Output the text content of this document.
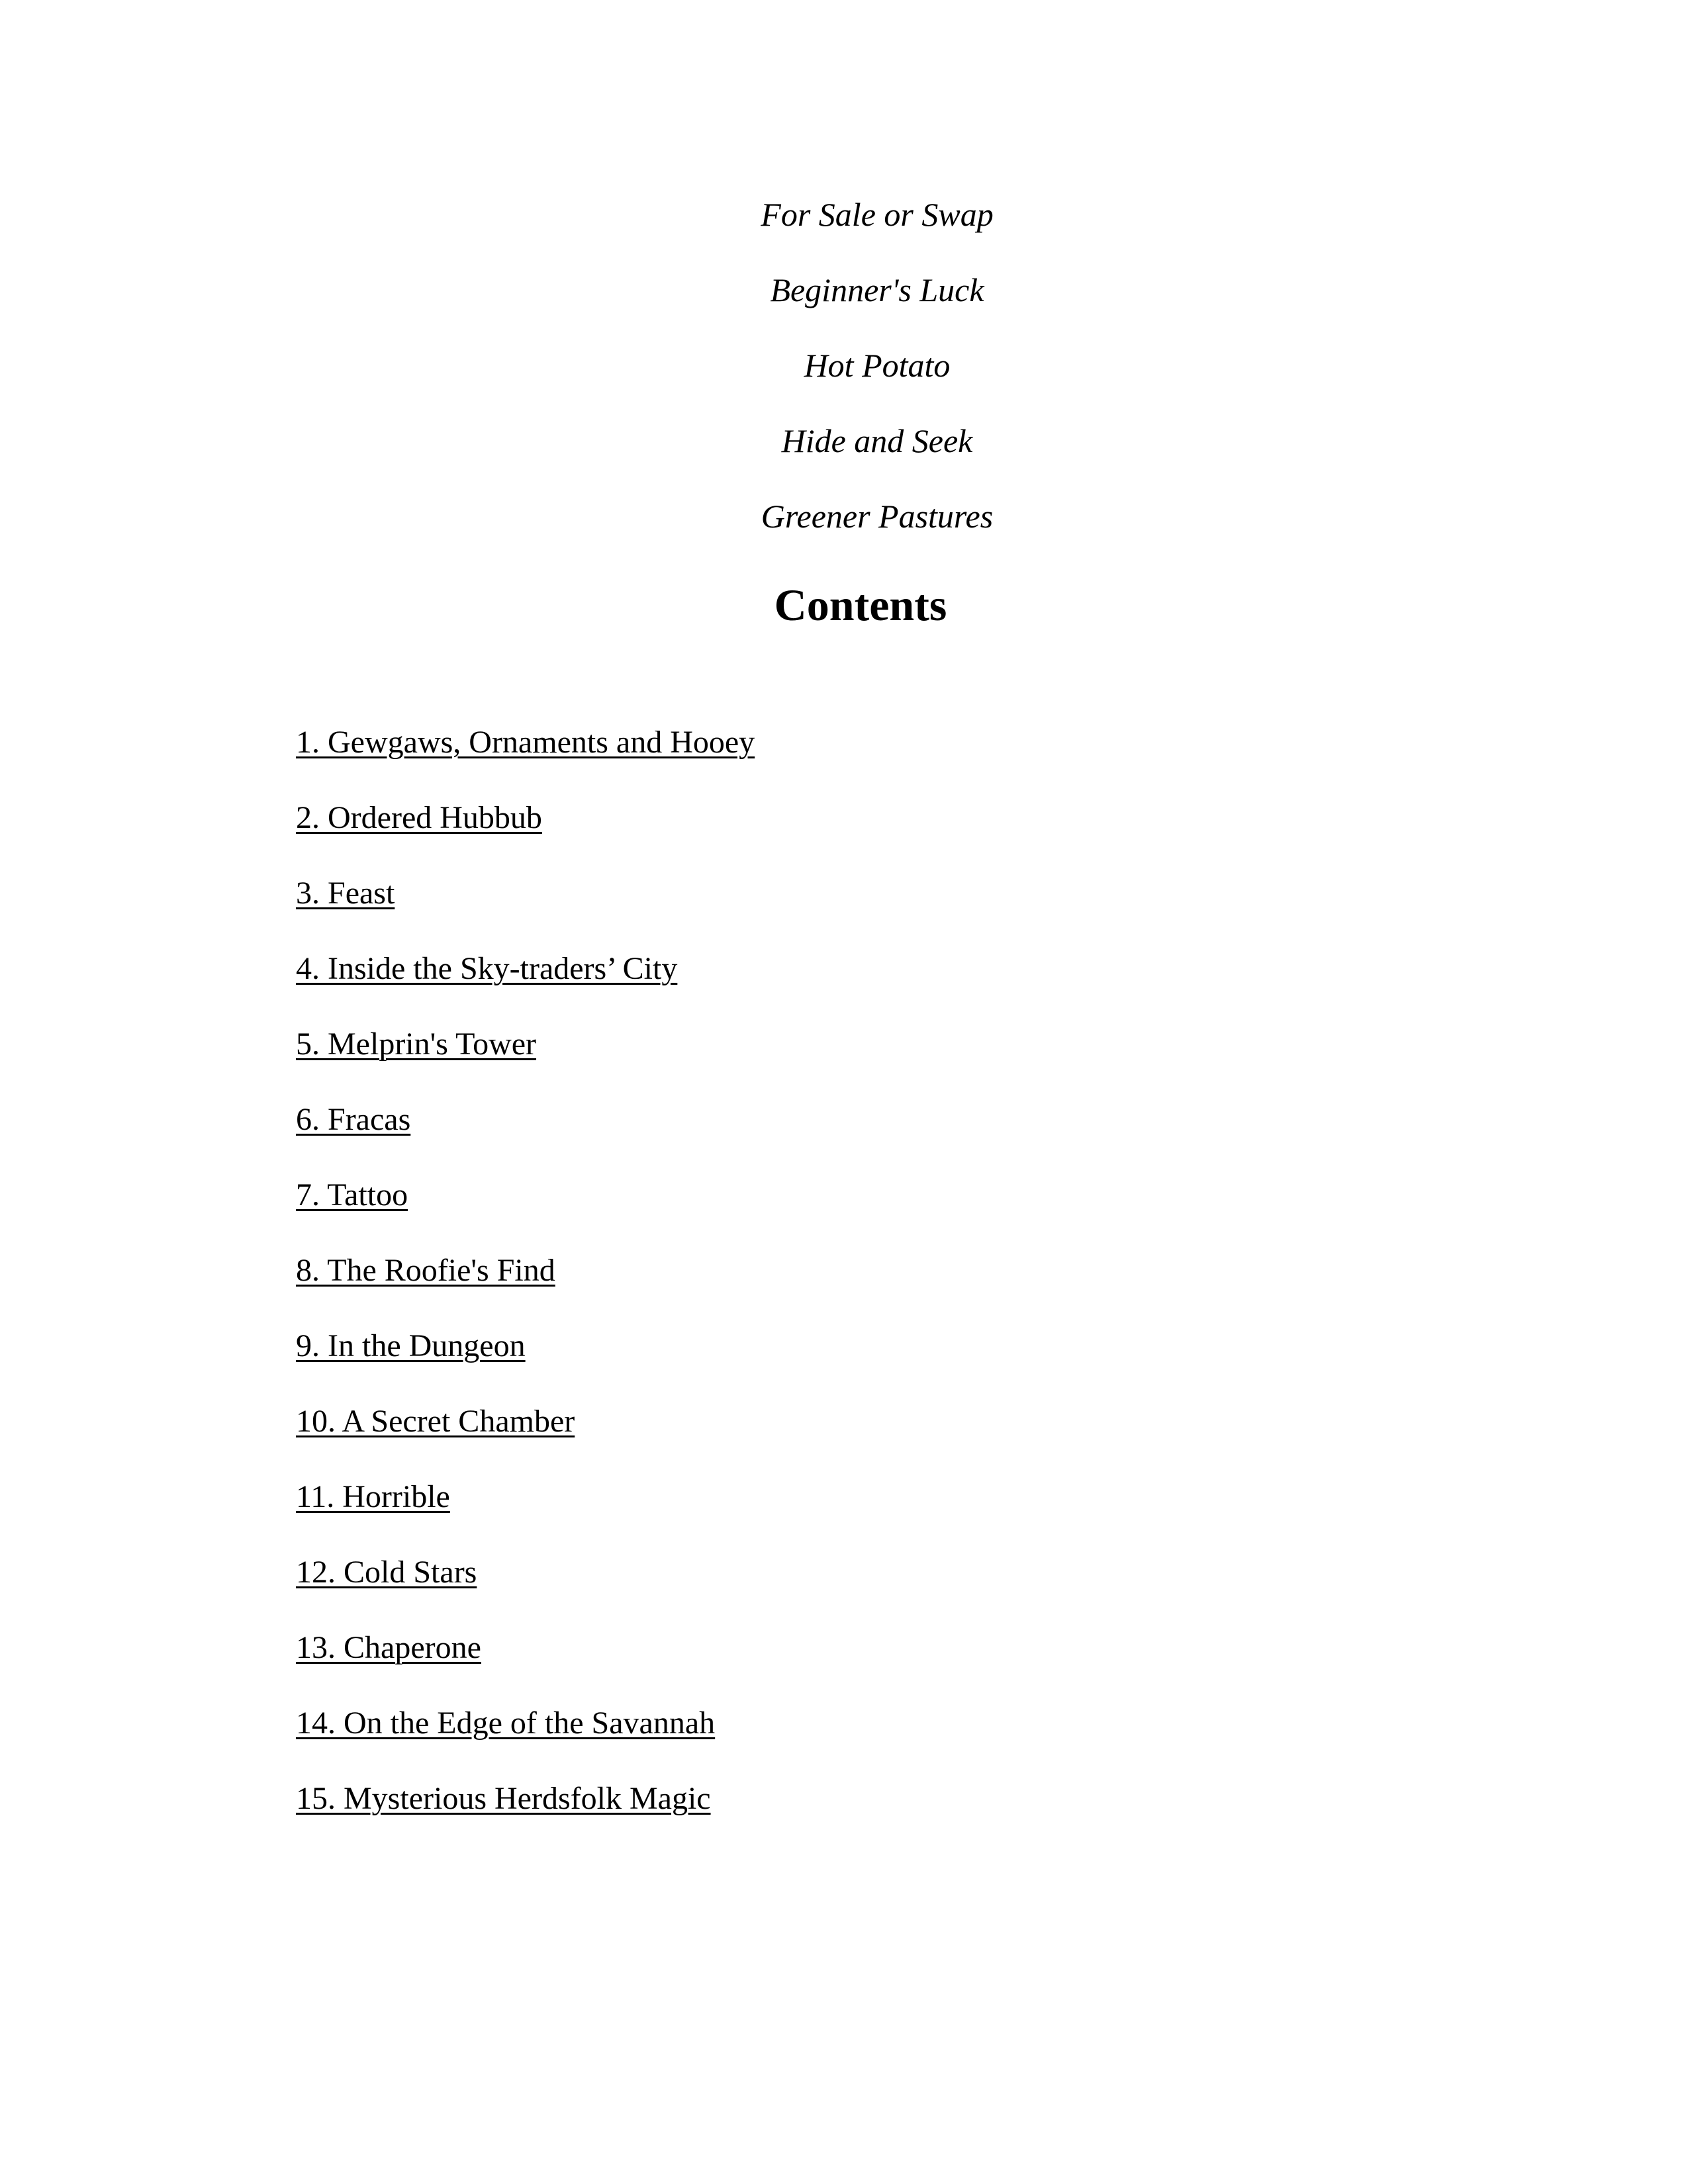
For Sale or Swap
Beginner's Luck
Hot Potato
Hide and Seek
Greener Pastures
Contents
1. Gewgaws, Ornaments and Hooey
2. Ordered Hubbub
3. Feast
4. Inside the Sky-traders’ City
5. Melprin's Tower
6. Fracas
7. Tattoo
8. The Roofie's Find
9. In the Dungeon
10. A Secret Chamber
11. Horrible
12. Cold Stars
13. Chaperone
14. On the Edge of the Savannah
15. Mysterious Herdsfolk Magic
